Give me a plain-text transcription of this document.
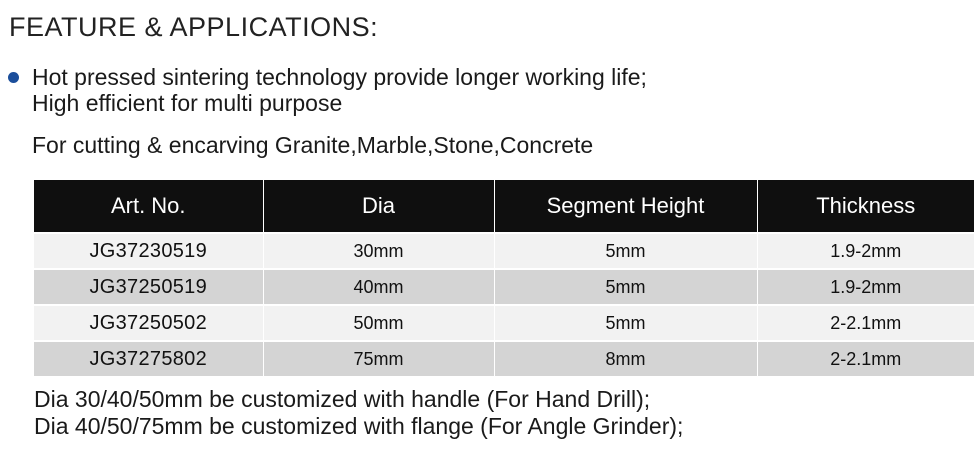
FEATURE & APPLICATIONS:
Hot pressed sintering technology provide longer working life;
High efficient for multi purpose
For cutting & encarving Granite,Marble,Stone,Concrete
Art. No.	Dia	Segment Height	Thickness
JG37230519	30mm	5mm	1.9-2mm
JG37250519	40mm	5mm	1.9-2mm
JG37250502	50mm	5mm	2-2.1mm
JG37275802	75mm	8mm	2-2.1mm
Dia 30/40/50mm be customized with handle (For Hand Drill);
Dia 40/50/75mm be customized with flange (For Angle Grinder);
